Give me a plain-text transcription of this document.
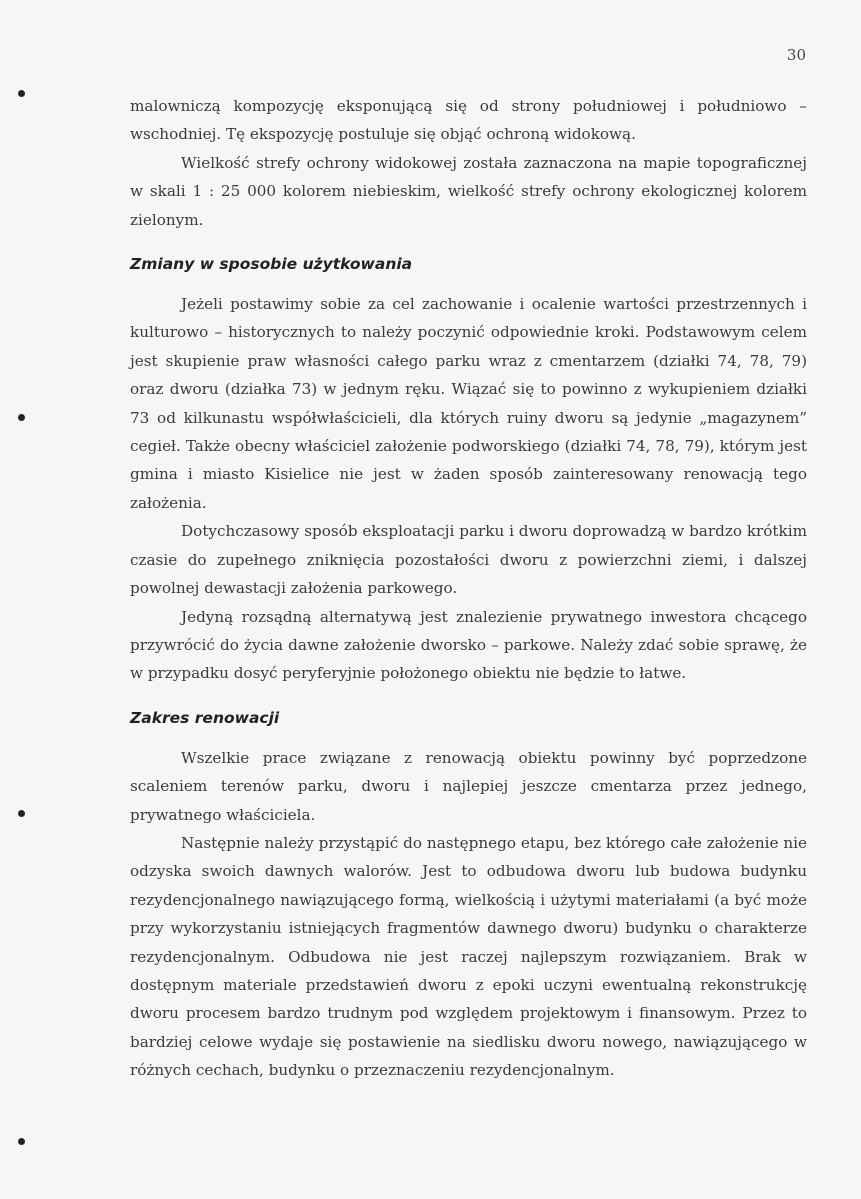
30

malowniczą kompozycję eksponującą się od strony południowej i południowo – wschodniej. Tę ekspozycję postuluje się objąć ochroną widokową.

Wielkość strefy ochrony widokowej została zaznaczona na mapie topograficznej w skali 1 : 25 000 kolorem niebieskim, wielkość strefy ochrony ekologicznej kolorem zielonym.

Zmiany w sposobie użytkowania

Jeżeli postawimy sobie za cel zachowanie i ocalenie wartości przestrzennych i kulturowo – historycznych to należy poczynić odpowiednie kroki. Podstawowym celem jest skupienie praw własności całego parku wraz z cmentarzem (działki 74, 78, 79) oraz dworu (działka 73) w jednym ręku. Wiązać się to powinno z wykupieniem działki 73 od kilkunastu współwłaścicieli, dla których ruiny dworu są jedynie „magazynem” cegieł. Także obecny właściciel założenie podworskiego (działki 74, 78, 79), którym jest gmina i miasto Kisielice nie jest w żaden sposób zainteresowany renowacją tego założenia.

Dotychczasowy sposób eksploatacji parku i dworu doprowadzą w bardzo krótkim czasie do zupełnego zniknięcia pozostałości dworu z powierzchni ziemi, i dalszej powolnej dewastacji założenia parkowego.

Jedyną rozsądną alternatywą jest znalezienie prywatnego inwestora chcącego przywrócić do życia dawne założenie dworsko – parkowe. Należy zdać sobie sprawę, że w przypadku dosyć peryferyjnie położonego obiektu nie będzie to łatwe.

Zakres renowacji

Wszelkie prace związane z renowacją obiektu powinny być poprzedzone scaleniem terenów parku, dworu i najlepiej jeszcze cmentarza przez jednego, prywatnego właściciela.

Następnie należy przystąpić do następnego etapu, bez którego całe założenie nie odzyska swoich dawnych walorów. Jest to odbudowa dworu lub budowa budynku rezydencjonalnego nawiązującego formą, wielkością i użytymi materiałami (a być może przy wykorzystaniu istniejących fragmentów dawnego dworu) budynku o charakterze rezydencjonalnym. Odbudowa nie jest raczej najlepszym rozwiązaniem. Brak w dostępnym materiale przedstawień dworu z epoki uczyni ewentualną rekonstrukcję dworu procesem bardzo trudnym pod względem projektowym i finansowym. Przez to bardziej celowe wydaje się postawienie na siedlisku dworu nowego, nawiązującego w różnych cechach, budynku o przeznaczeniu rezydencjonalnym.
